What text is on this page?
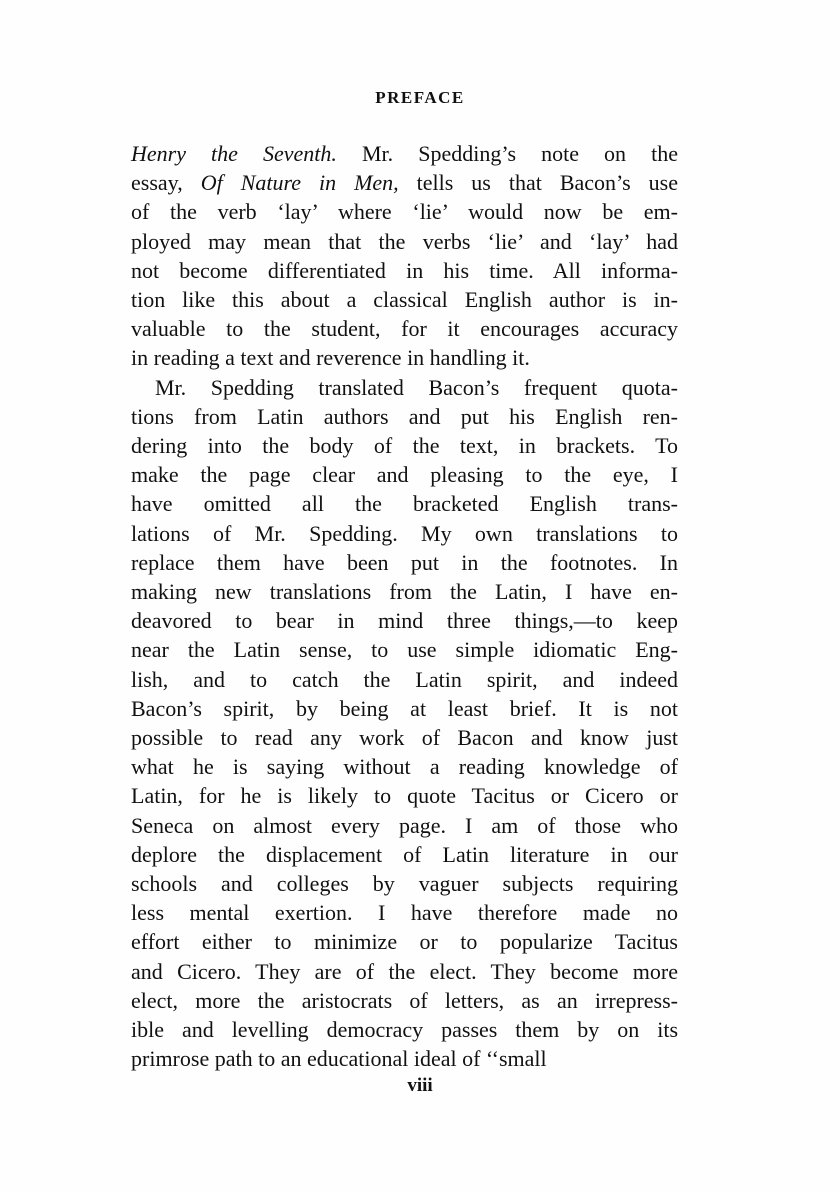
PREFACE
Henry the Seventh. Mr. Spedding’s note on the
essay, Of Nature in Men, tells us that Bacon’s use
of the verb ‘lay’ where ‘lie’ would now be em-
ployed may mean that the verbs ‘lie’ and ‘lay’ had
not become differentiated in his time. All informa-
tion like this about a classical English author is in-
valuable to the student, for it encourages accuracy
in reading a text and reverence in handling it.
Mr. Spedding translated Bacon’s frequent quota-
tions from Latin authors and put his English ren-
dering into the body of the text, in brackets. To
make the page clear and pleasing to the eye, I
have omitted all the bracketed English trans-
lations of Mr. Spedding. My own translations to
replace them have been put in the footnotes. In
making new translations from the Latin, I have en-
deavored to bear in mind three things,—to keep
near the Latin sense, to use simple idiomatic Eng-
lish, and to catch the Latin spirit, and indeed
Bacon’s spirit, by being at least brief. It is not
possible to read any work of Bacon and know just
what he is saying without a reading knowledge of
Latin, for he is likely to quote Tacitus or Cicero or
Seneca on almost every page. I am of those who
deplore the displacement of Latin literature in our
schools and colleges by vaguer subjects requiring
less mental exertion. I have therefore made no
effort either to minimize or to popularize Tacitus
and Cicero. They are of the elect. They become more
elect, more the aristocrats of letters, as an irrepress-
ible and levelling democracy passes them by on its
primrose path to an educational ideal of ‘‘small
viii
